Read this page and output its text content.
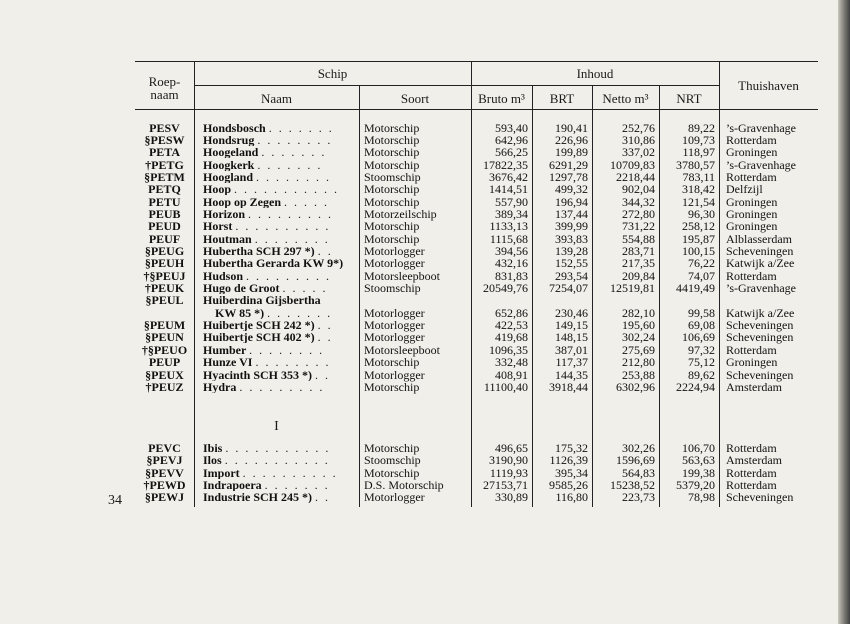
Roep-
naam
Schip	Inhoud
Naam	Soort	Bruto m³	BRT	Netto m³	NRT
Thuishaven
I
34
PESV	Hondsbosch . . . . . . .	Motorschip	593,40	190,41	252,76	89,22 ’s-Gravenhage
§PESW	Hondsrug . . . . . . . .	Motorschip	642,96	226,96	310,86	109,73 Rotterdam
PETA	Hoogeland . . . . . . .	Motorschip	566,25	199,89	337,02	118,97 Groningen
†PETG	Hoogkerk . . . . . . .	Motorschip	17822,35	6291,29	10709,83	3780,57 ’s-Gravenhage
§PETM	Hoogland . . . . . . . .	Stoomschip	3676,42	1297,78	2218,44	783,11 Rotterdam
PETQ	Hoop . . . . . . . . . . .	Motorschip	1414,51	499,32	902,04	318,42 Delfzijl
PETU	Hoop op Zegen . . . . .	Motorschip	557,90	196,94	344,32	121,54 Groningen
PEUB	Horizon . . . . . . . . .	Motorzeilschip	389,34	137,44	272,80	96,30 Groningen
PEUD	Horst . . . . . . . . . .	Motorschip	1133,13	399,99	731,22	258,12 Groningen
PEUF	Houtman . . . . . . . .	Motorschip	1115,68	393,83	554,88	195,87 Alblasserdam
§PEUG	Hubertha SCH 297 *) . .	Motorlogger	394,56	139,28	283,71	100,15 Scheveningen
§PEUH	Hubertha Gerarda KW 9*)	Motorlogger	432,16	152,55	217,35	76,22 Katwijk a/Zee
†§PEUJ	Hudson . . . . . . . . .	Motorsleepboot	831,83	293,54	209,84	74,07 Rotterdam
†PEUK	Hugo de Groot . . . . .	Stoomschip	20549,76	7254,07	12519,81	4419,49 ’s-Gravenhage
§PEUL	Huiberdina Gijsbertha
KW 85 *) . . . . . . .	Motorlogger	652,86	230,46	282,10	99,58 Katwijk a/Zee
§PEUM	Huibertje SCH 242 *) . .	Motorlogger	422,53	149,15	195,60	69,08 Scheveningen
§PEUN	Huibertje SCH 402 *) . .	Motorlogger	419,68	148,15	302,24	106,69 Scheveningen
†§PEUO	Humber . . . . . . . .	Motorsleepboot	1096,35	387,01	275,69	97,32 Rotterdam
PEUP	Hunze VI . . . . . . . .	Motorschip	332,48	117,37	212,80	75,12 Groningen
§PEUX	Hyacinth SCH 353 *) . .	Motorlogger	408,91	144,35	253,88	89,62 Scheveningen
†PEUZ	Hydra . . . . . . . . .	Motorschip	11100,40	3918,44	6302,96	2224,94 Amsterdam
PEVC	Ibis . . . . . . . . . . .	Motorschip	496,65	175,32	302,26	106,70 Rotterdam
§PEVJ	Ilos . . . . . . . . . . .	Stoomschip	3190,90	1126,39	1596,69	563,63 Amsterdam
§PEVV	Import . . . . . . . . . .	Motorschip	1119,93	395,34	564,83	199,38 Rotterdam
†PEWD	Indrapoera . . . . . . .	D.S. Motorschip	27153,71	9585,26	15238,52	5379,20 Rotterdam
§PEWJ	Industrie SCH 245 *) . .	Motorlogger	330,89	116,80	223,73	78,98 Scheveningen
